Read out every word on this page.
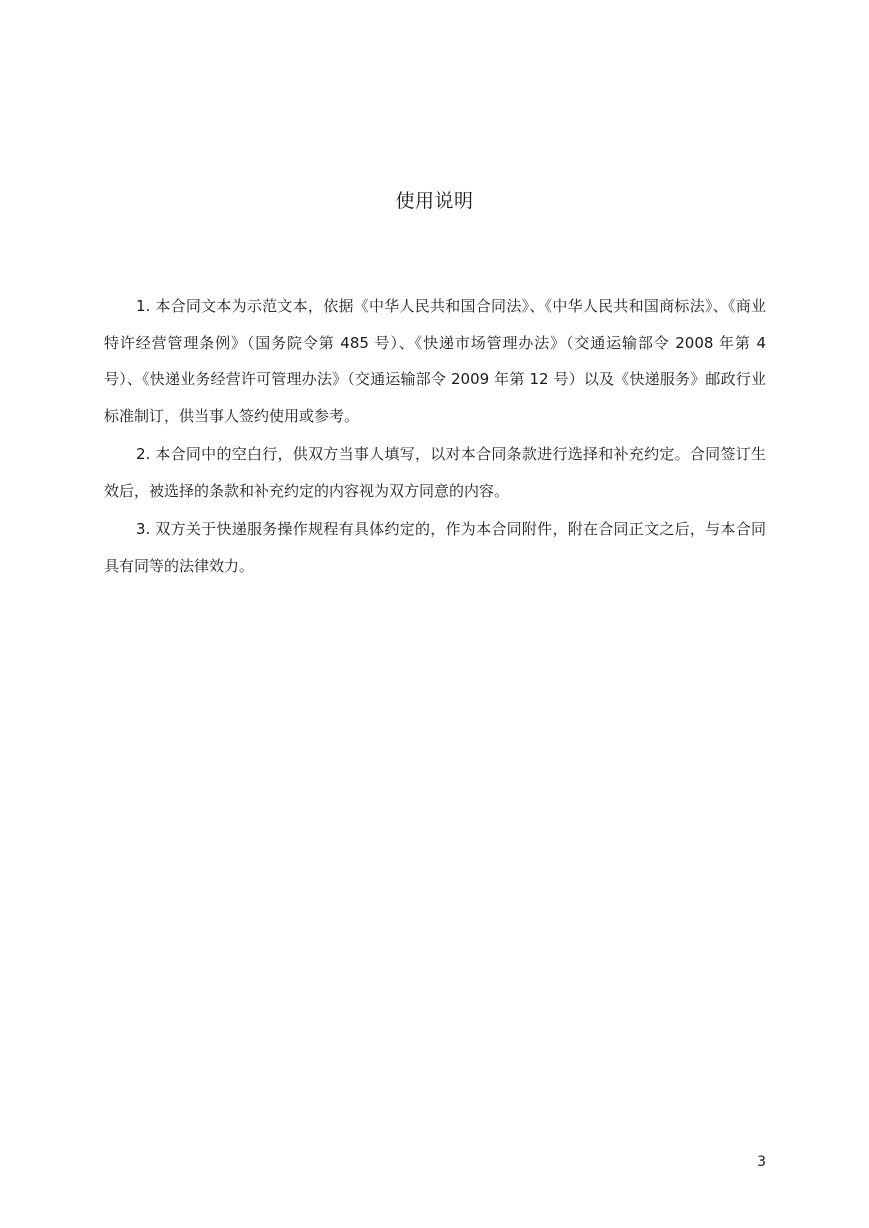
使用说明

1. 本合同文本为示范文本，依据《中华人民共和国合同法》、《中华人民共和国商标法》、《商业特许经营管理条例》（国务院令第 485 号）、《快递市场管理办法》（交通运输部令 2008 年第 4 号）、《快递业务经营许可管理办法》（交通运输部令 2009 年第 12 号）以及《快递服务》邮政行业标准制订，供当事人签约使用或参考。

2. 本合同中的空白行，供双方当事人填写，以对本合同条款进行选择和补充约定。合同签订生效后，被选择的条款和补充约定的内容视为双方同意的内容。

3. 双方关于快递服务操作规程有具体约定的，作为本合同附件，附在合同正文之后，与本合同具有同等的法律效力。

3
